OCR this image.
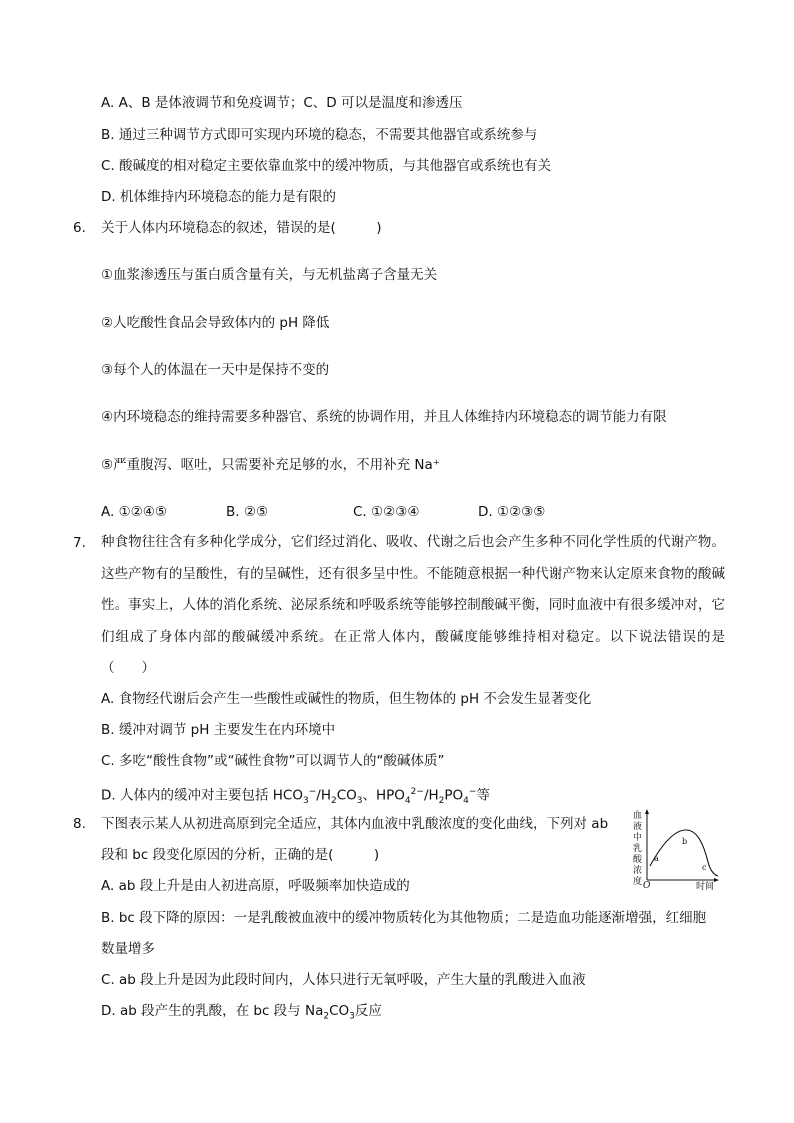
A. A、B 是体液调节和免疫调节；C、D 可以是温度和渗透压
B. 通过三种调节方式即可实现内环境的稳态，不需要其他器官或系统参与
C. 酸碱度的相对稳定主要依靠血浆中的缓冲物质，与其他器官或系统也有关
D. 机体维持内环境稳态的能力是有限的
6. 关于人体内环境稳态的叙述，错误的是(　　　)
①血浆渗透压与蛋白质含量有关，与无机盐离子含量无关
②人吃酸性食品会导致体内的 pH 降低
③每个人的体温在一天中是保持不变的
④内环境稳态的维持需要多种器官、系统的协调作用，并且人体维持内环境稳态的调节能力有限
⑤严重腹泻、呕吐，只需要补充足够的水，不用补充 Na⁺
A. ①②④⑤	B. ②⑤	C. ①②③④	D. ①②③⑤
7. 种食物往往含有多种化学成分，它们经过消化、吸收、代谢之后也会产生多种不同化学性质的代谢产物。这些产物有的呈酸性，有的呈碱性，还有很多呈中性。不能随意根据一种代谢产物来认定原来食物的酸碱性。事实上，人体的消化系统、泌尿系统和呼吸系统等能够控制酸碱平衡，同时血液中有很多缓冲对，它们组成了身体内部的酸碱缓冲系统。在正常人体内，酸碱度能够维持相对稳定。以下说法错误的是（　　）
A. 食物经代谢后会产生一些酸性或碱性的物质，但生物体的 pH 不会发生显著变化
B. 缓冲对调节 pH 主要发生在内环境中
C. 多吃“酸性食物”或“碱性食物”可以调节人的“酸碱体质”
D. 人体内的缓冲对主要包括 $HCO_3^-/H_2CO_3$、$HPO_4^{2-}/H_2PO_4^-$等
8. 下图表示某人从初进高原到完全适应，其体内血液中乳酸浓度的变化曲线，下列对 ab
段和 bc 段变化原因的分析，正确的是(　　　)
A. ab 段上升是由人初进高原，呼吸频率加快造成的
B. bc 段下降的原因：一是乳酸被血液中的缓冲物质转化为其他物质；二是造血功能逐渐增强，红细胞
数量增多
C. ab 段上升是因为此段时间内，人体只进行无氧呼吸，产生大量的乳酸进入血液
D. ab 段产生的乳酸，在 bc 段与 $Na_2CO_3$反应
血
液
中
乳
酸
浓
度 O	时间
a
b
c
